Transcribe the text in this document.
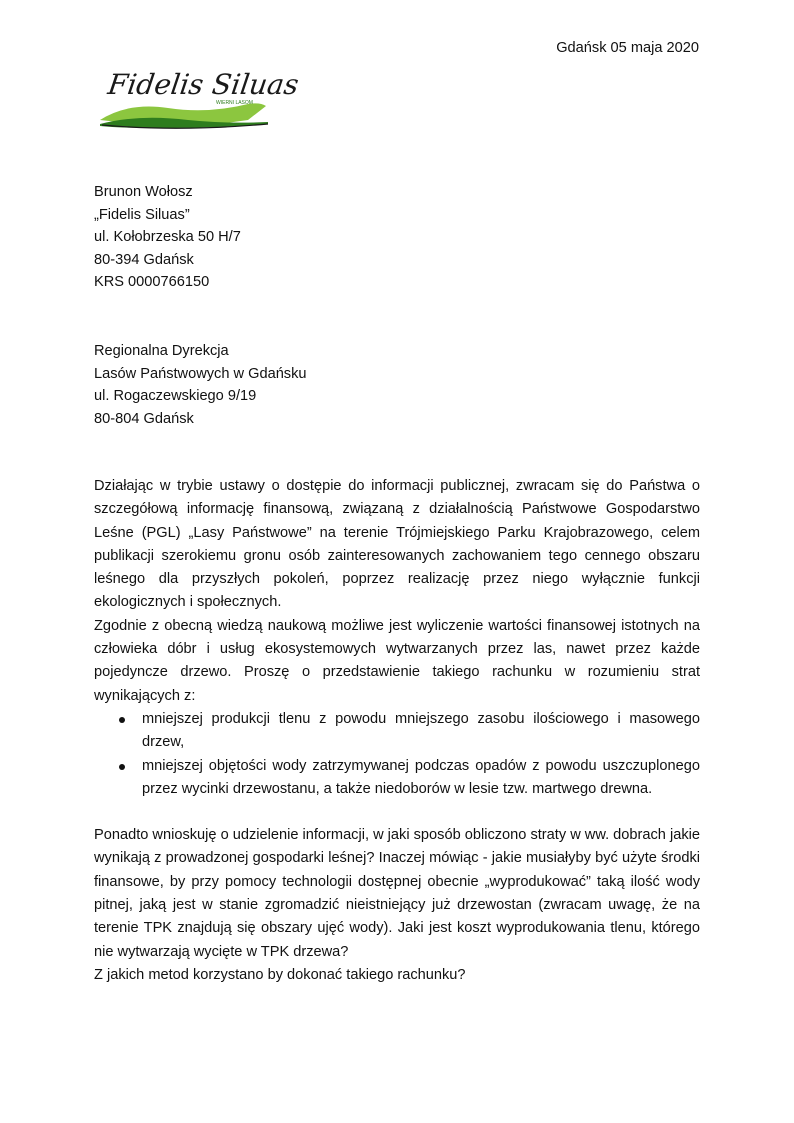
Gdańsk 05 maja 2020
Fidelis Siluas
WIERNI LASOM
Brunon Wołosz
„Fidelis Siluas”
ul. Kołobrzeska 50 H/7
80-394 Gdańsk
KRS 0000766150
Regionalna Dyrekcja
Lasów Państwowych w Gdańsku
ul. Rogaczewskiego 9/19
80-804 Gdańsk

Działając w trybie ustawy o dostępie do informacji publicznej, zwracam się do Państwa o szczegółową informację finansową, związaną z działalnością Państwowe Gospodarstwo Leśne (PGL) „Lasy Państwowe” na terenie Trójmiejskiego Parku Krajobrazowego, celem publikacji szerokiemu gronu osób zainteresowanych zachowaniem tego cennego obszaru leśnego dla przyszłych pokoleń, poprzez realizację przez niego wyłącznie funkcji ekologicznych i społecznych.

Zgodnie z obecną wiedzą naukową możliwe jest wyliczenie wartości finansowej istotnych na człowieka dóbr i usług ekosystemowych wytwarzanych przez las, nawet przez każde pojedyncze drzewo. Proszę o przedstawienie takiego rachunku w rozumieniu strat wynikających z:

mniejszej produkcji tlenu z powodu mniejszego zasobu ilościowego i masowego drzew,
mniejszej objętości wody zatrzymywanej podczas opadów z powodu uszczuplonego przez wycinki drzewostanu, a także niedoborów w lesie tzw. martwego drewna.

Ponadto wnioskuję o udzielenie informacji, w jaki sposób obliczono straty w ww. dobrach jakie wynikają z prowadzonej gospodarki leśnej? Inaczej mówiąc - jakie musiałyby być użyte środki finansowe, by przy pomocy technologii dostępnej obecnie „wyprodukować” taką ilość wody pitnej, jaką jest w stanie zgromadzić nieistniejący już drzewostan (zwracam uwagę, że na terenie TPK znajdują się obszary ujęć wody). Jaki jest koszt wyprodukowania tlenu, którego nie wytwarzają wycięte w TPK drzewa?

Z jakich metod korzystano by dokonać takiego rachunku?
